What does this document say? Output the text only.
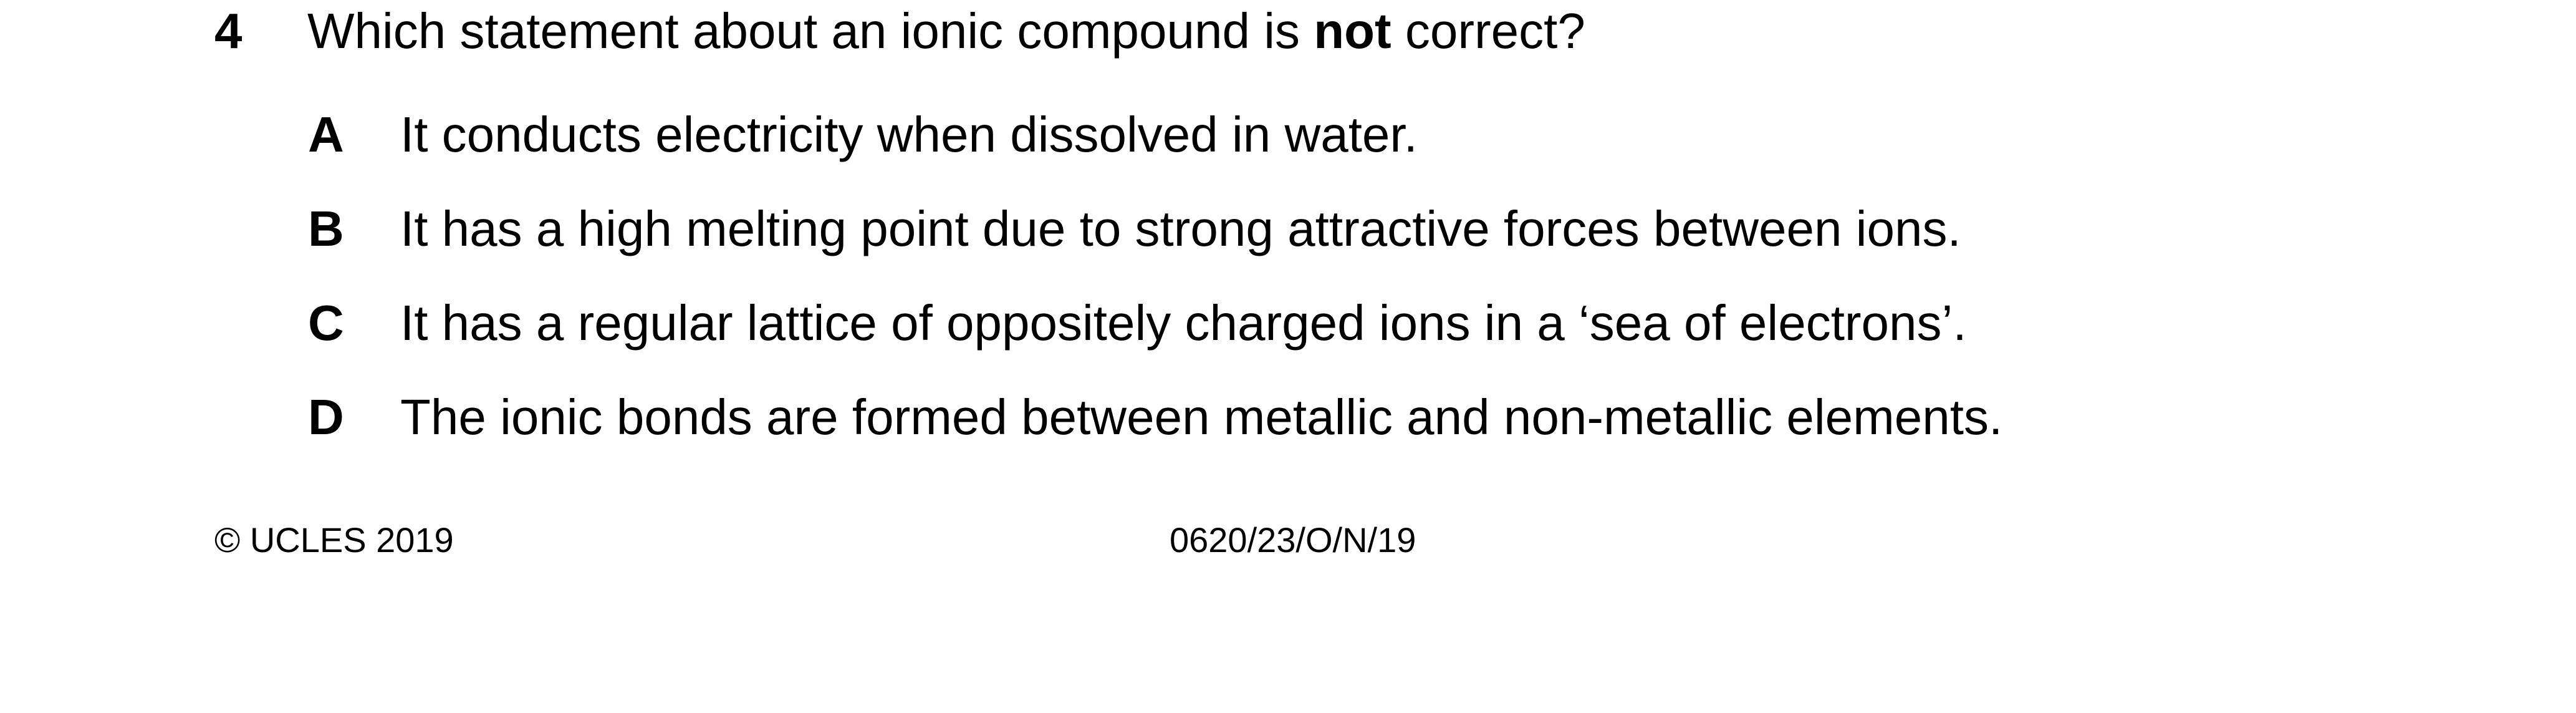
4 Which statement about an ionic compound is not correct?
A It conducts electricity when dissolved in water.
B It has a high melting point due to strong attractive forces between ions.
C It has a regular lattice of oppositely charged ions in a ‘sea of electrons’.
D The ionic bonds are formed between metallic and non-metallic elements.
© UCLES 2019	0620/23/O/N/19
